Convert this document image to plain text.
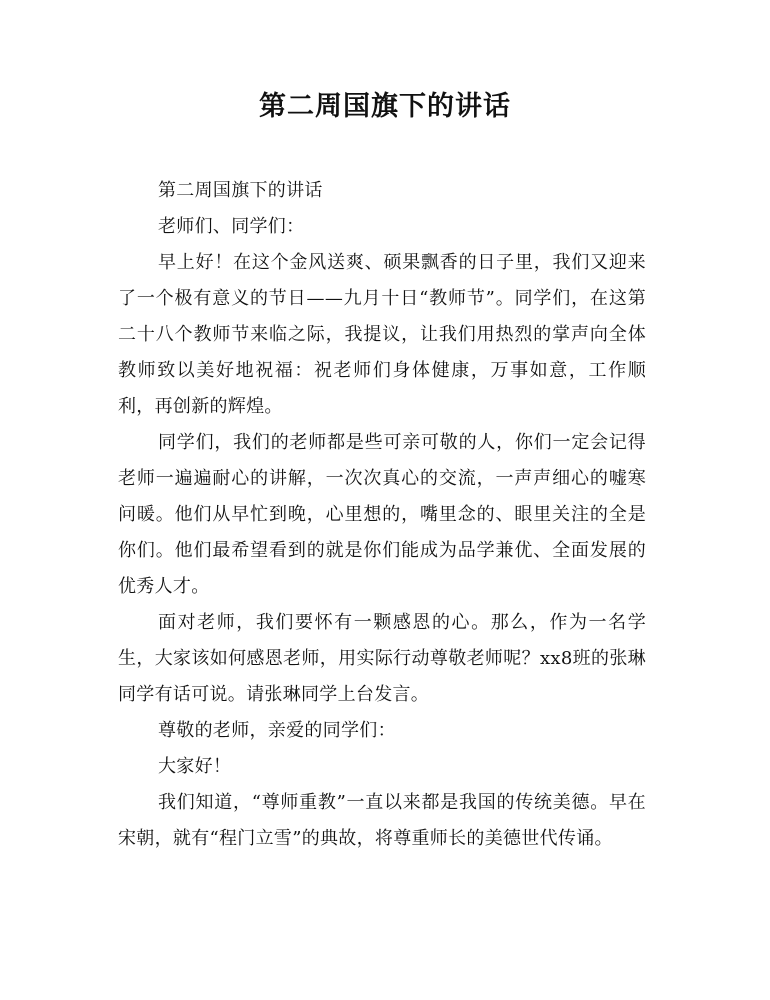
第二周国旗下的讲话

第二周国旗下的讲话

老师们、同学们：

早上好！在这个金风送爽、硕果飘香的日子里，我们又迎来了一个极有意义的节日——九月十日“教师节”。同学们，在这第二十八个教师节来临之际，我提议，让我们用热烈的掌声向全体教师致以美好地祝福：祝老师们身体健康，万事如意，工作顺利，再创新的辉煌。

同学们，我们的老师都是些可亲可敬的人，你们一定会记得老师一遍遍耐心的讲解，一次次真心的交流，一声声细心的嘘寒问暖。他们从早忙到晚，心里想的，嘴里念的、眼里关注的全是你们。他们最希望看到的就是你们能成为品学兼优、全面发展的优秀人才。

面对老师，我们要怀有一颗感恩的心。那么，作为一名学生，大家该如何感恩老师，用实际行动尊敬老师呢？xx8班的张琳同学有话可说。请张琳同学上台发言。

尊敬的老师，亲爱的同学们：

大家好！

我们知道，“尊师重教”一直以来都是我国的传统美德。早在宋朝，就有“程门立雪”的典故，将尊重师长的美德世代传诵。
